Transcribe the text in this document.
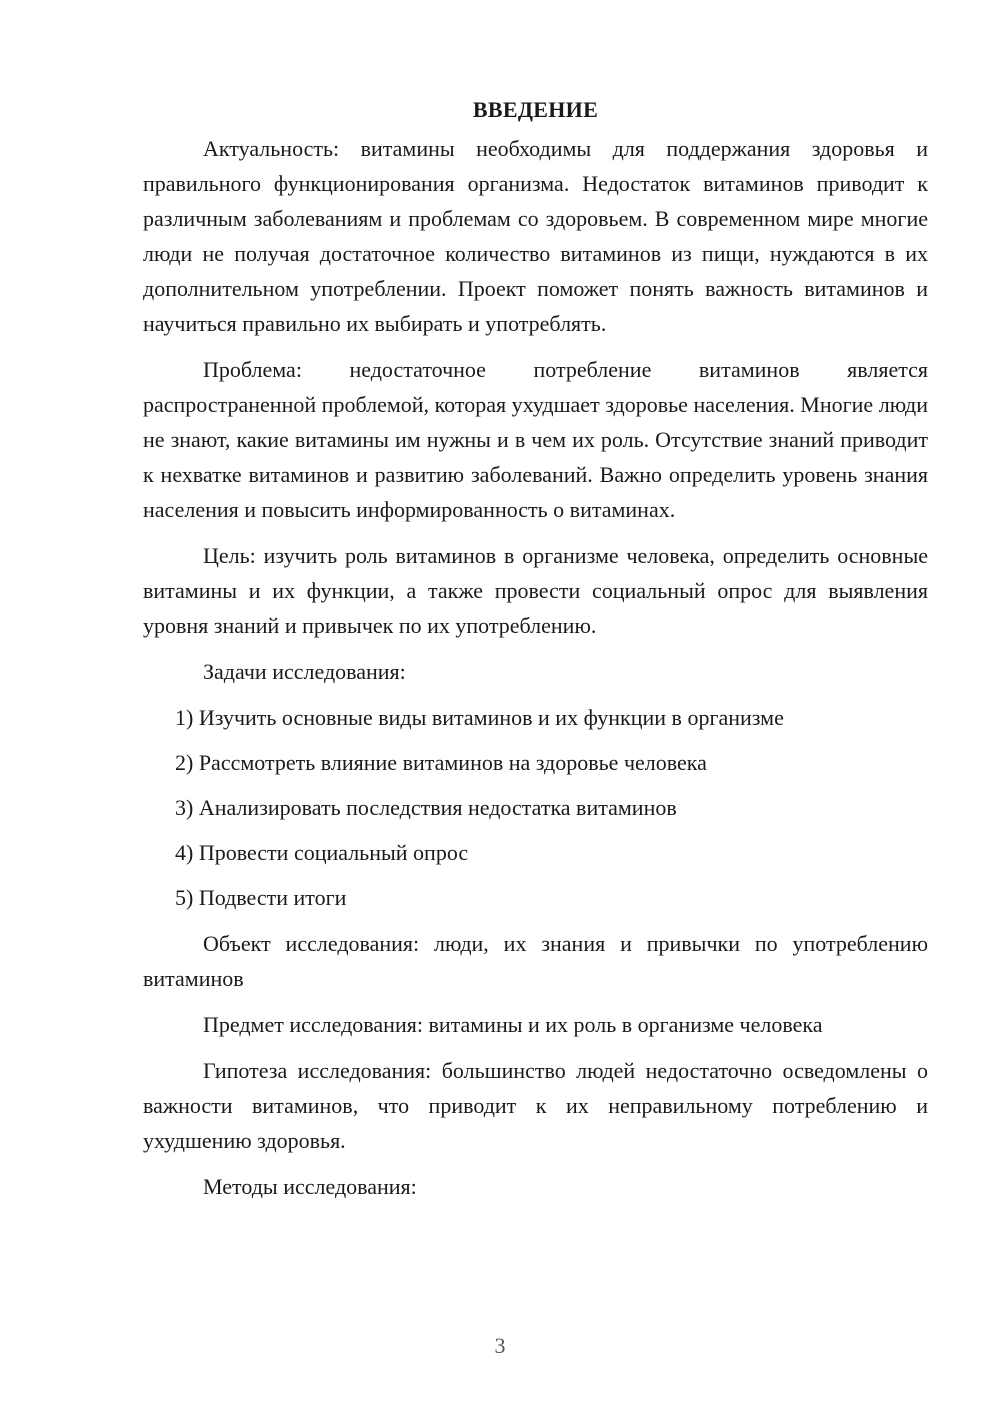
ВВЕДЕНИЕ

Актуальность: витамины необходимы для поддержания здоровья и правильного функционирования организма. Недостаток витаминов приводит к различным заболеваниям и проблемам со здоровьем. В современном мире многие люди не получая достаточное количество витаминов из пищи, нуждаются в их дополнительном употреблении. Проект поможет понять важность витаминов и научиться правильно их выбирать и употреблять.

Проблема: недостаточное потребление витаминов является распространенной проблемой, которая ухудшает здоровье населения. Многие люди не знают, какие витамины им нужны и в чем их роль. Отсутствие знаний приводит к нехватке витаминов и развитию заболеваний. Важно определить уровень знания населения и повысить информированность о витаминах.

Цель: изучить роль витаминов в организме человека, определить основные витамины и их функции, а также провести социальный опрос для выявления уровня знаний и привычек по их употреблению.

Задачи исследования:

1) Изучить основные виды витаминов и их функции в организме
2) Рассмотреть влияние витаминов на здоровье человека
3) Анализировать последствия недостатка витаминов
4) Провести социальный опрос
5) Подвести итоги

Объект исследования: люди, их знания и привычки по употреблению витаминов

Предмет исследования: витамины и их роль в организме человека

Гипотеза исследования: большинство людей недостаточно осведомлены о важности витаминов, что приводит к их неправильному потреблению и ухудшению здоровья.

Методы исследования:

3
